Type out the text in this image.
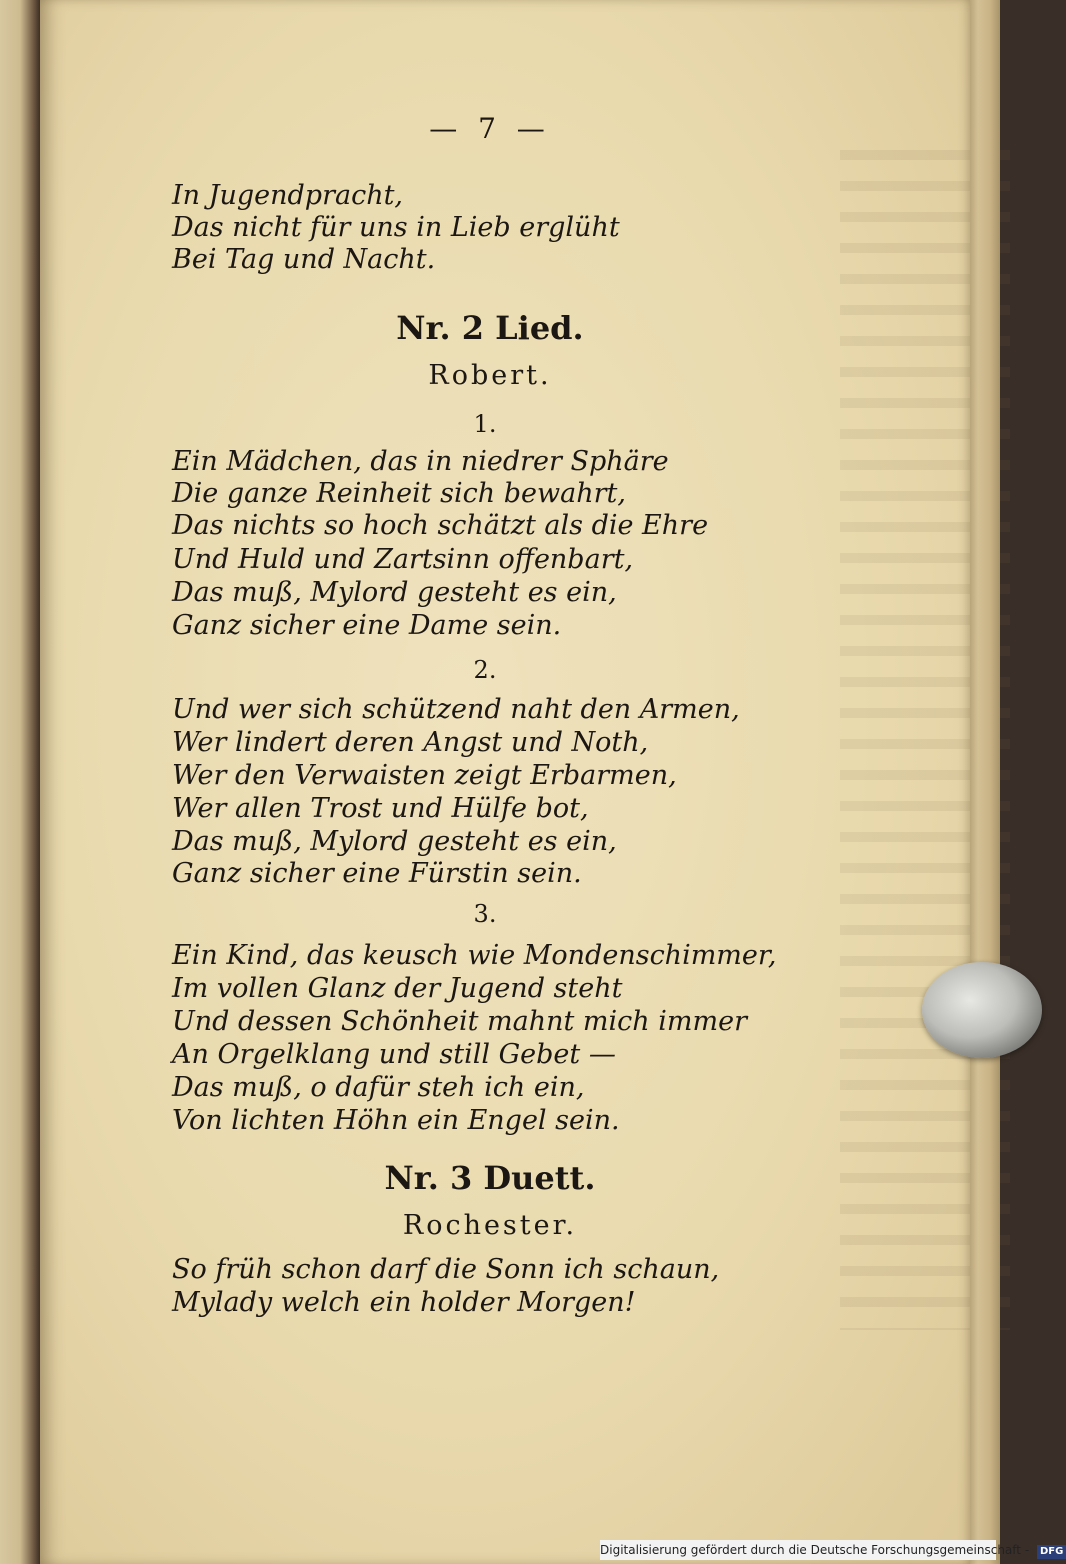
— 7 —
In Jugendpracht,
Das nicht für uns in Lieb erglüht
Bei Tag und Nacht.
Nr. 2 Lied.
Robert.
1.
Ein Mädchen, das in niedrer Sphäre
Die ganze Reinheit sich bewahrt,
Das nichts so hoch schätzt als die Ehre
Und Huld und Zartsinn offenbart,
Das muß, Mylord gesteht es ein,
Ganz sicher eine Dame sein.
2.
Und wer sich schützend naht den Armen,
Wer lindert deren Angst und Noth,
Wer den Verwaisten zeigt Erbarmen,
Wer allen Trost und Hülfe bot,
Das muß, Mylord gesteht es ein,
Ganz sicher eine Fürstin sein.
3.
Ein Kind, das keusch wie Mondenschimmer,
Im vollen Glanz der Jugend steht
Und dessen Schönheit mahnt mich immer
An Orgelklang und still Gebet —
Das muß, o dafür steh ich ein,
Von lichten Höhn ein Engel sein.
Nr. 3 Duett.
Rochester.
So früh schon darf die Sonn ich schaun,
Mylady welch ein holder Morgen!
Digitalisierung gefördert durch die Deutsche Forschungsgemeinschaft - DFG
